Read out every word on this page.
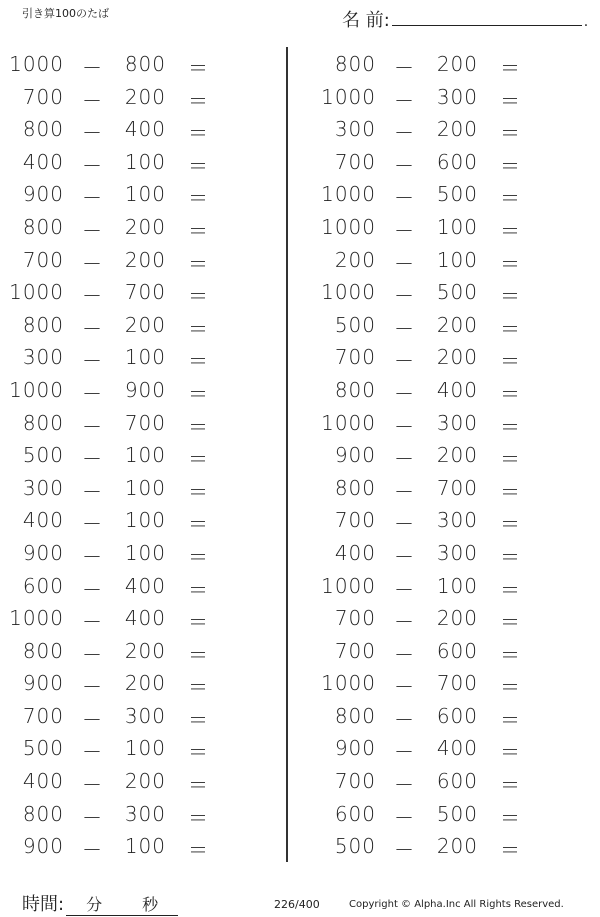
引き算100のたば	名 前:	.
1000 －	800 ＝
700 －	200 ＝
800 －	400 ＝
400 －	100 ＝
900 －	100 ＝
800 －	200 ＝
700 －	200 ＝
1000 －	700 ＝
800 －	200 ＝
300 －	100 ＝
1000 －	900 ＝
800 －	700 ＝
500 －	100 ＝
300 －	100 ＝
400 －	100 ＝
900 －	100 ＝
600 －	400 ＝
1000 －	400 ＝
800 －	200 ＝
900 －	200 ＝
700 －	300 ＝
500 －	100 ＝
400 －	200 ＝
800 －	300 ＝
900 －	100 ＝
800 －	200 ＝
1000 －	300 ＝
300 －	200 ＝
700 －	600 ＝
1000 －	500 ＝
1000 －	100 ＝
200 －	100 ＝
1000 －	500 ＝
500 －	200 ＝
700 －	200 ＝
800 －	400 ＝
1000 －	300 ＝
900 －	200 ＝
800 －	700 ＝
700 －	300 ＝
400 －	300 ＝
1000 －	100 ＝
700 －	200 ＝
700 －	600 ＝
1000 －	700 ＝
800 －	600 ＝
900 －	400 ＝
700 －	600 ＝
600 －	500 ＝
500 －	200 ＝
時間: 分 秒	226/400	Copyright © Alpha.Inc All Rights Reserved.
